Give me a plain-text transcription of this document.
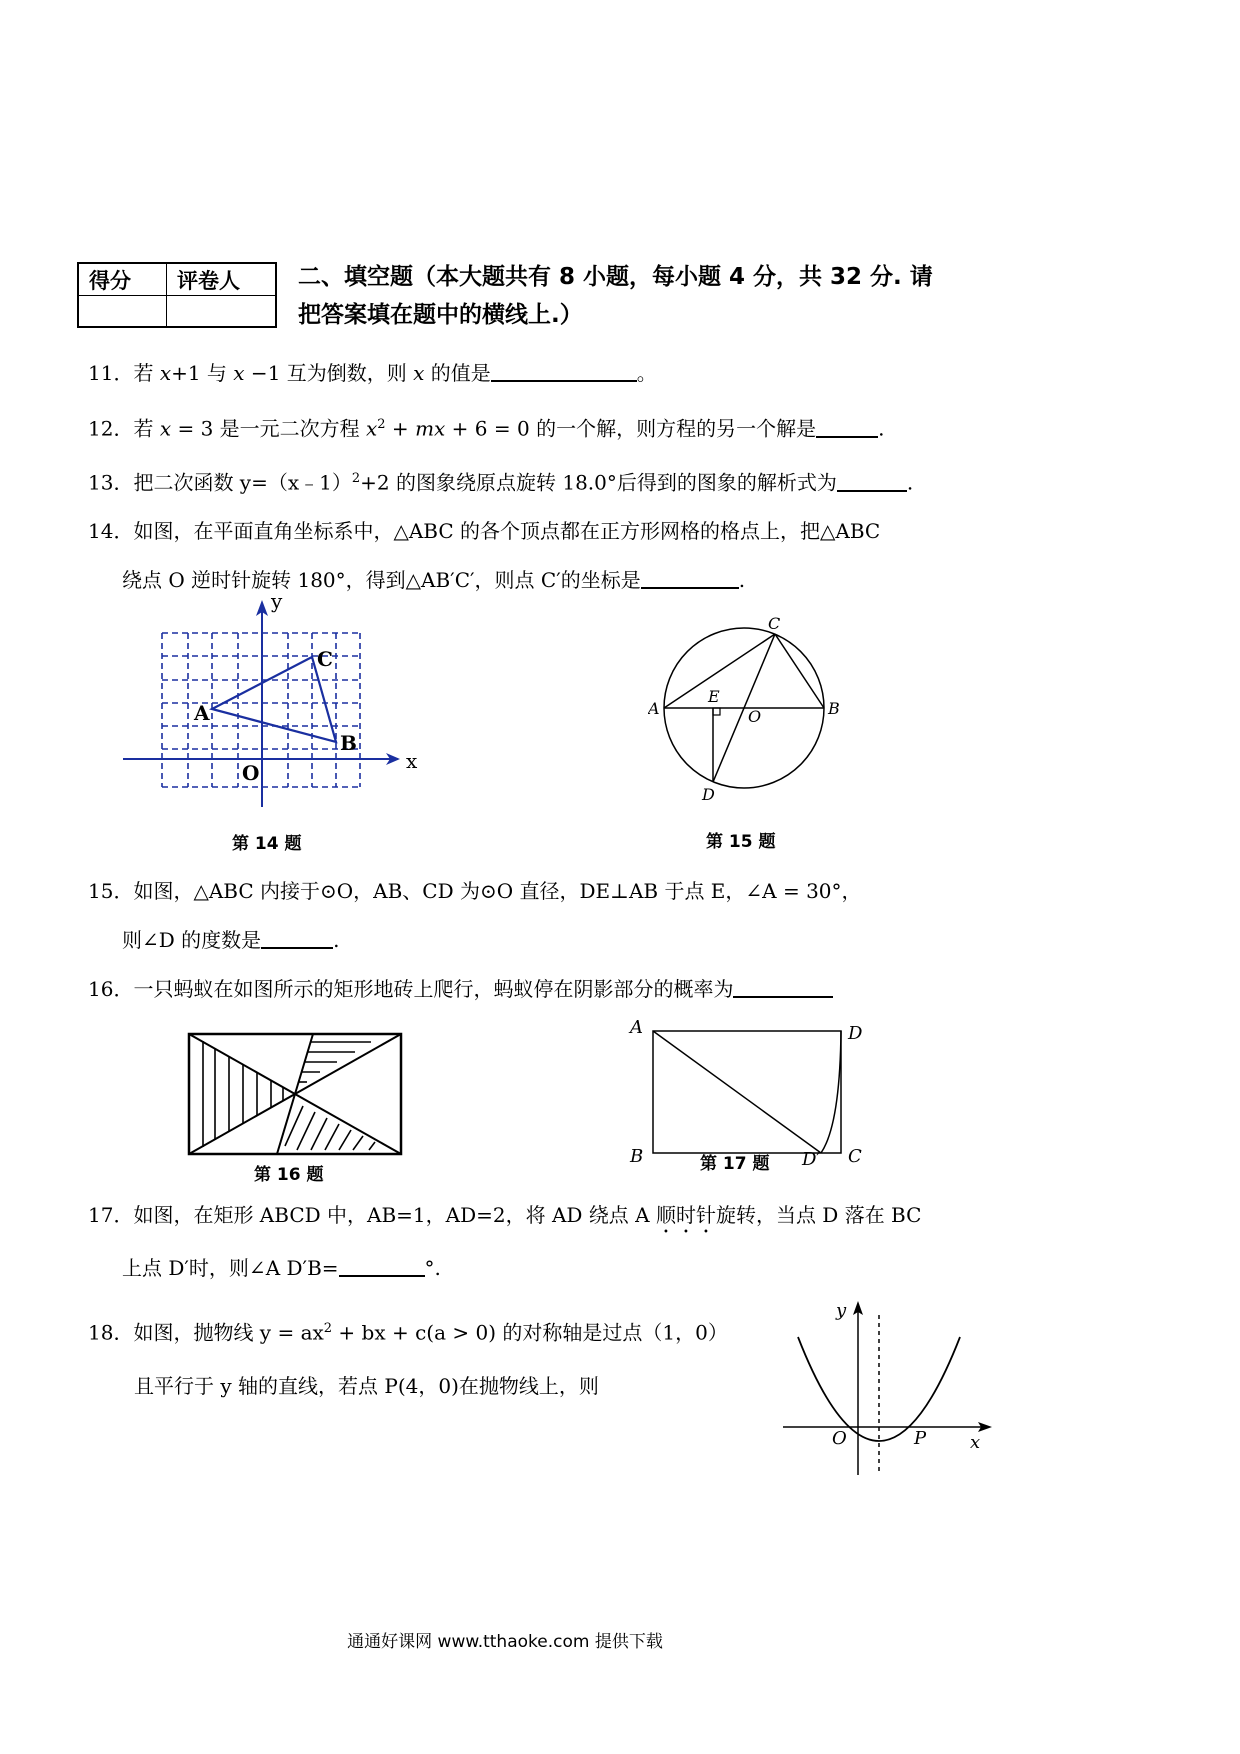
得分	评卷人	二、填空题（本大题共有 8 小题，每小题 4 分，共 32 分. 请
把答案填在题中的横线上.）
11．若 x+1 与 x −1 互为倒数，则 x 的值是	。
12．若 x = 3 是一元二次方程 $x^2$ + mx + 6 = 0 的一个解，则方程的另一个解是	.
13．把二次函数 y=（x﹣1）$^2$+2 的图象绕原点旋转 18.0°后得到的图象的解析式为	.
14．如图，在平面直角坐标系中，△ABC 的各个顶点都在正方形网格的格点上，把△ABC
绕点 O 逆时针旋转 180°，得到△AB′C′，则点 C′的坐标是	.
y
x
O
A
B
C
第 14 题
A	B
C
D
E
O
第 15 题
15．如图，△ABC 内接于⊙O，AB、CD 为⊙O 直径，DE⊥AB 于点 E，∠A = 30°，
则∠D 的度数是	.
16．一只蚂蚁在如图所示的矩形地砖上爬行，蚂蚁停在阴影部分的概率为
第 16 题
A	D
B	C
D′
第 17 题
17．如图，在矩形 ABCD 中，AB=1，AD=2，将 AD 绕点 A 顺时针旋转，当点 D 落在 BC
上点 D′时，则∠A D′B=	°.
18．如图，抛物线 $y = ax^2$ + bx + c(a > 0) 的对称轴是过点（1，0）
且平行于 y 轴的直线，若点 P(4，0)在抛物线上，则
y
x
O	P
通通好课网 www.tthaoke.com 提供下载
